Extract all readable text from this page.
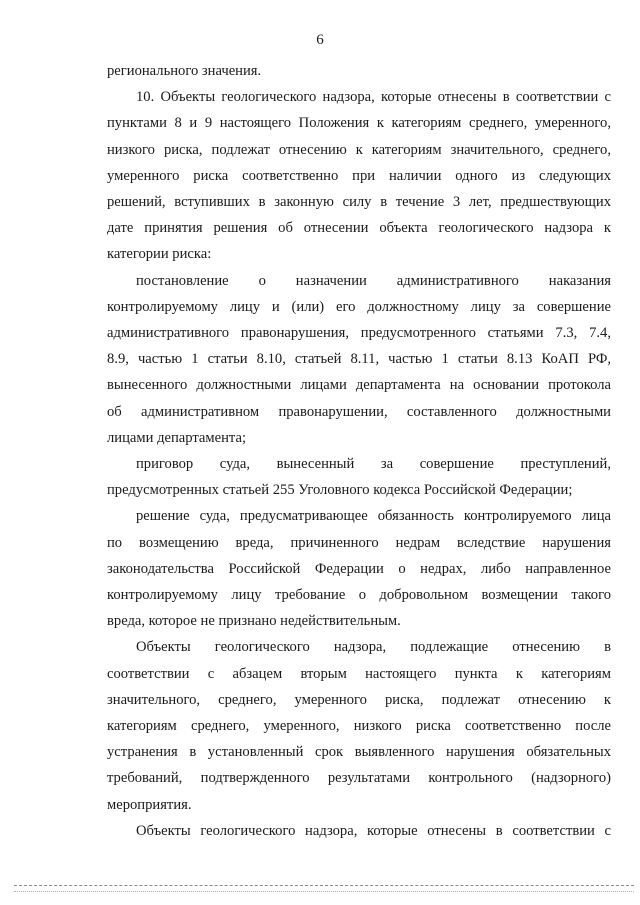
6
регионального значения.
10. Объекты геологического надзора, которые отнесены в соответствии с
пунктами 8 и 9 настоящего Положения к категориям среднего, умеренного,
низкого риска, подлежат отнесению к категориям значительного, среднего,
умеренного риска соответственно при наличии одного из следующих
решений, вступивших в законную силу в течение 3 лет, предшествующих
дате принятия решения об отнесении объекта геологического надзора к
категории риска:
постановление о назначении административного наказания
контролируемому лицу и (или) его должностному лицу за совершение
административного правонарушения, предусмотренного статьями 7.3, 7.4,
8.9, частью 1 статьи 8.10, статьей 8.11, частью 1 статьи 8.13 КоАП РФ,
вынесенного должностными лицами департамента на основании протокола
об административном правонарушении, составленного должностными
лицами департамента;
приговор суда, вынесенный за совершение преступлений,
предусмотренных статьей 255 Уголовного кодекса Российской Федерации;
решение суда, предусматривающее обязанность контролируемого лица
по возмещению вреда, причиненного недрам вследствие нарушения
законодательства Российской Федерации о недрах, либо направленное
контролируемому лицу требование о добровольном возмещении такого
вреда, которое не признано недействительным.
Объекты геологического надзора, подлежащие отнесению в
соответствии с абзацем вторым настоящего пункта к категориям
значительного, среднего, умеренного риска, подлежат отнесению к
категориям среднего, умеренного, низкого риска соответственно после
устранения в установленный срок выявленного нарушения обязательных
требований, подтвержденного результатами контрольного (надзорного)
мероприятия.
Объекты геологического надзора, которые отнесены в соответствии с
